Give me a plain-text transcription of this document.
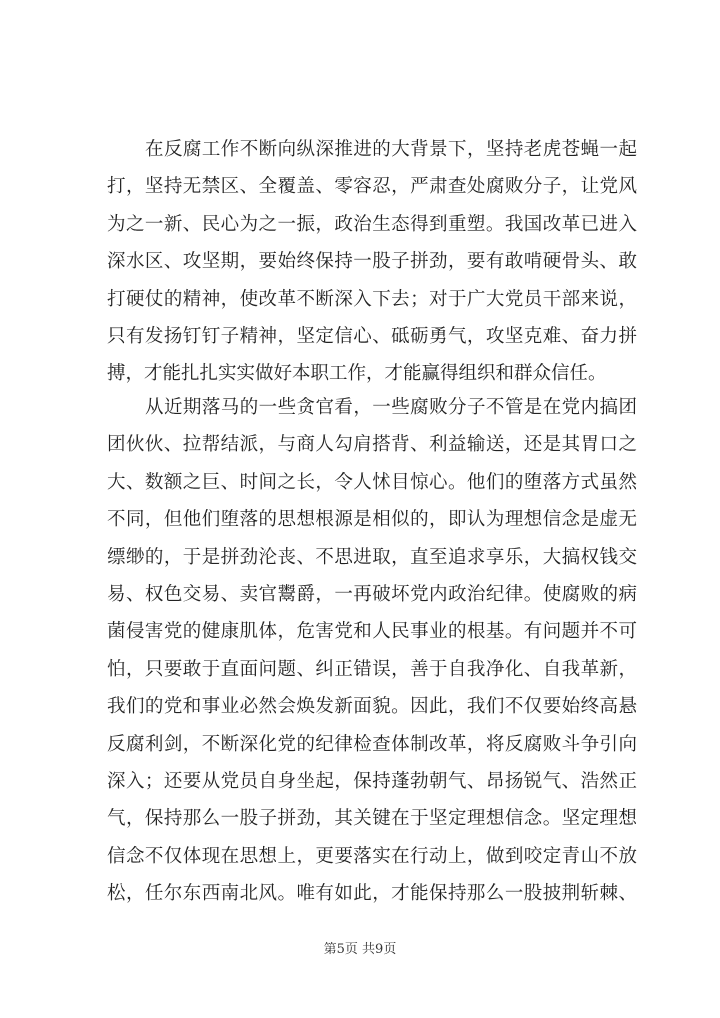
在反腐工作不断向纵深推进的大背景下，坚持老虎苍蝇一起
打，坚持无禁区、全覆盖、零容忍，严肃查处腐败分子，让党风
为之一新、民心为之一振，政治生态得到重塑。我国改革已进入
深水区、攻坚期，要始终保持一股子拼劲，要有敢啃硬骨头、敢
打硬仗的精神，使改革不断深入下去；对于广大党员干部来说，
只有发扬钉钉子精神，坚定信心、砥砺勇气，攻坚克难、奋力拼
搏，才能扎扎实实做好本职工作，才能赢得组织和群众信任。
从近期落马的一些贪官看，一些腐败分子不管是在党内搞团
团伙伙、拉帮结派，与商人勾肩搭背、利益输送，还是其胃口之
大、数额之巨、时间之长，令人怵目惊心。他们的堕落方式虽然
不同，但他们堕落的思想根源是相似的，即认为理想信念是虚无
缥缈的，于是拼劲沦丧、不思进取，直至追求享乐，大搞权钱交
易、权色交易、卖官鬻爵，一再破坏党内政治纪律。使腐败的病
菌侵害党的健康肌体，危害党和人民事业的根基。有问题并不可
怕，只要敢于直面问题、纠正错误，善于自我净化、自我革新，
我们的党和事业必然会焕发新面貌。因此，我们不仅要始终高悬
反腐利剑，不断深化党的纪律检查体制改革，将反腐败斗争引向
深入；还要从党员自身坐起，保持蓬勃朝气、昂扬锐气、浩然正
气，保持那么一股子拼劲，其关键在于坚定理想信念。坚定理想
信念不仅体现在思想上，更要落实在行动上，做到咬定青山不放
松，任尔东西南北风。唯有如此，才能保持那么一股披荆斩棘、
第5页 共9页
